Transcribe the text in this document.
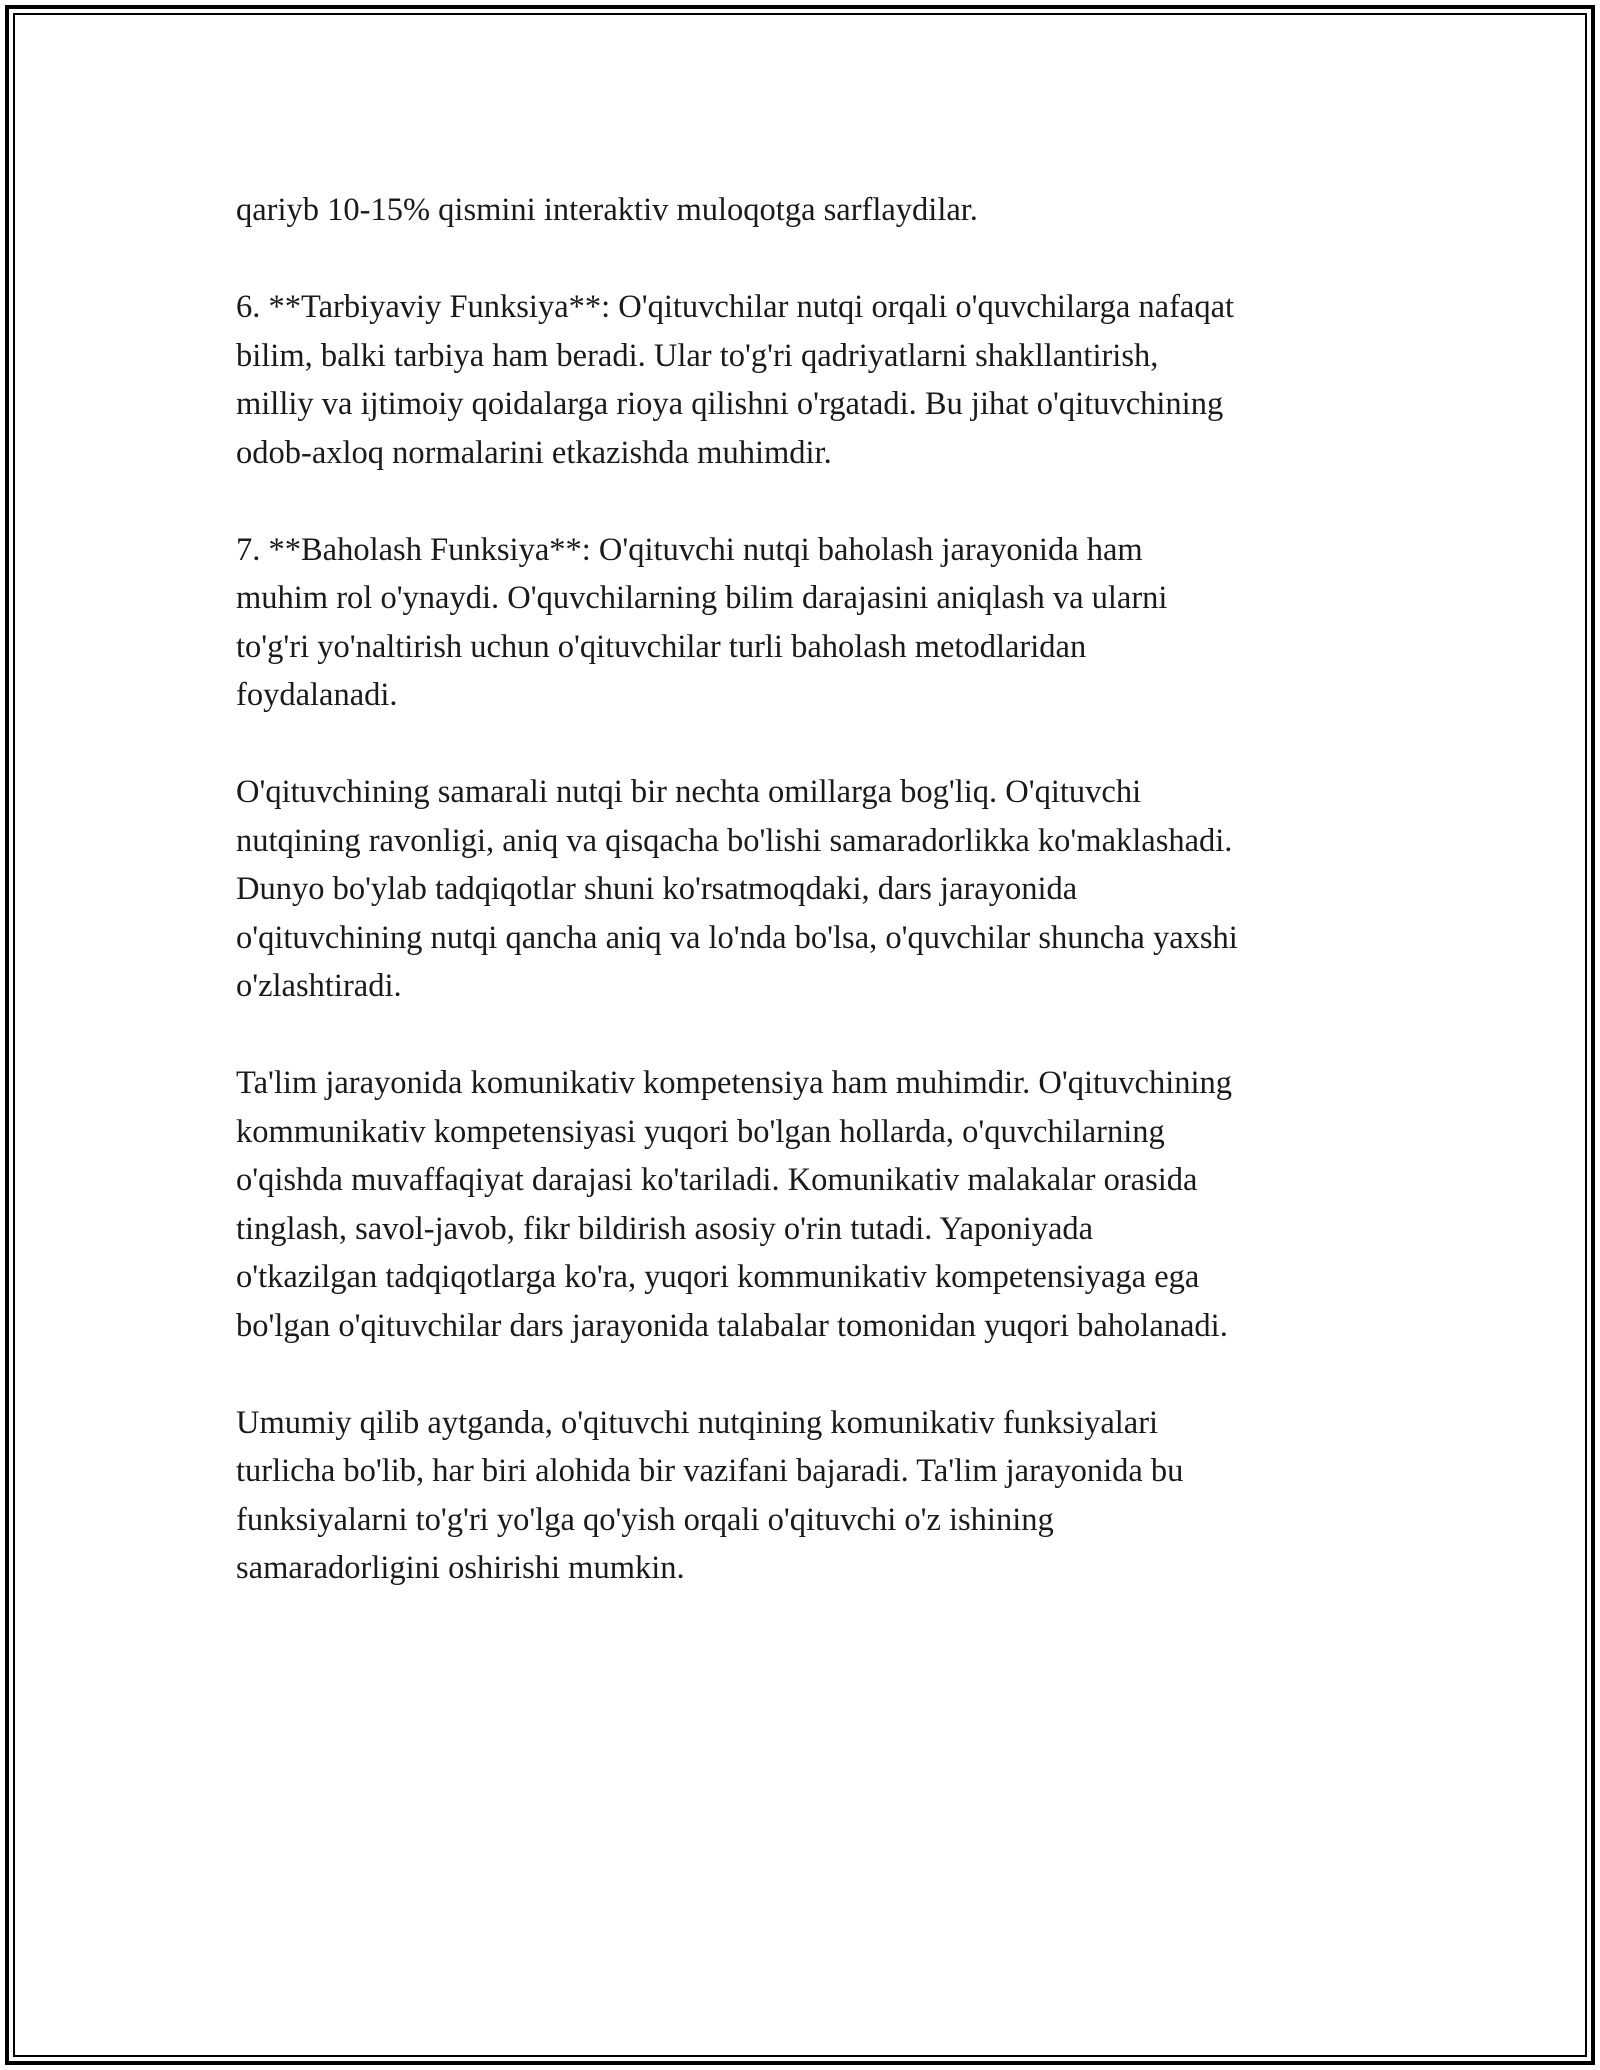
qariyb 10-15% qismini interaktiv muloqotga sarflaydilar.

6. **Tarbiyaviy Funksiya**: O'qituvchilar nutqi orqali o'quvchilarga nafaqat
bilim, balki tarbiya ham beradi. Ular to'g'ri qadriyatlarni shakllantirish,
milliy va ijtimoiy qoidalarga rioya qilishni o'rgatadi. Bu jihat o'qituvchining
odob-axloq normalarini etkazishda muhimdir.

7. **Baholash Funksiya**: O'qituvchi nutqi baholash jarayonida ham
muhim rol o'ynaydi. O'quvchilarning bilim darajasini aniqlash va ularni
to'g'ri yo'naltirish uchun o'qituvchilar turli baholash metodlaridan
foydalanadi.

O'qituvchining samarali nutqi bir nechta omillarga bog'liq. O'qituvchi
nutqining ravonligi, aniq va qisqacha bo'lishi samaradorlikka ko'maklashadi.
Dunyo bo'ylab tadqiqotlar shuni ko'rsatmoqdaki, dars jarayonida
o'qituvchining nutqi qancha aniq va lo'nda bo'lsa, o'quvchilar shuncha yaxshi
o'zlashtiradi.

Ta'lim jarayonida komunikativ kompetensiya ham muhimdir. O'qituvchining
kommunikativ kompetensiyasi yuqori bo'lgan hollarda, o'quvchilarning
o'qishda muvaffaqiyat darajasi ko'tariladi. Komunikativ malakalar orasida
tinglash, savol-javob, fikr bildirish asosiy o'rin tutadi. Yaponiyada
o'tkazilgan tadqiqotlarga ko'ra, yuqori kommunikativ kompetensiyaga ega
bo'lgan o'qituvchilar dars jarayonida talabalar tomonidan yuqori baholanadi.

Umumiy qilib aytganda, o'qituvchi nutqining komunikativ funksiyalari
turlicha bo'lib, har biri alohida bir vazifani bajaradi. Ta'lim jarayonida bu
funksiyalarni to'g'ri yo'lga qo'yish orqali o'qituvchi o'z ishining
samaradorligini oshirishi mumkin.
